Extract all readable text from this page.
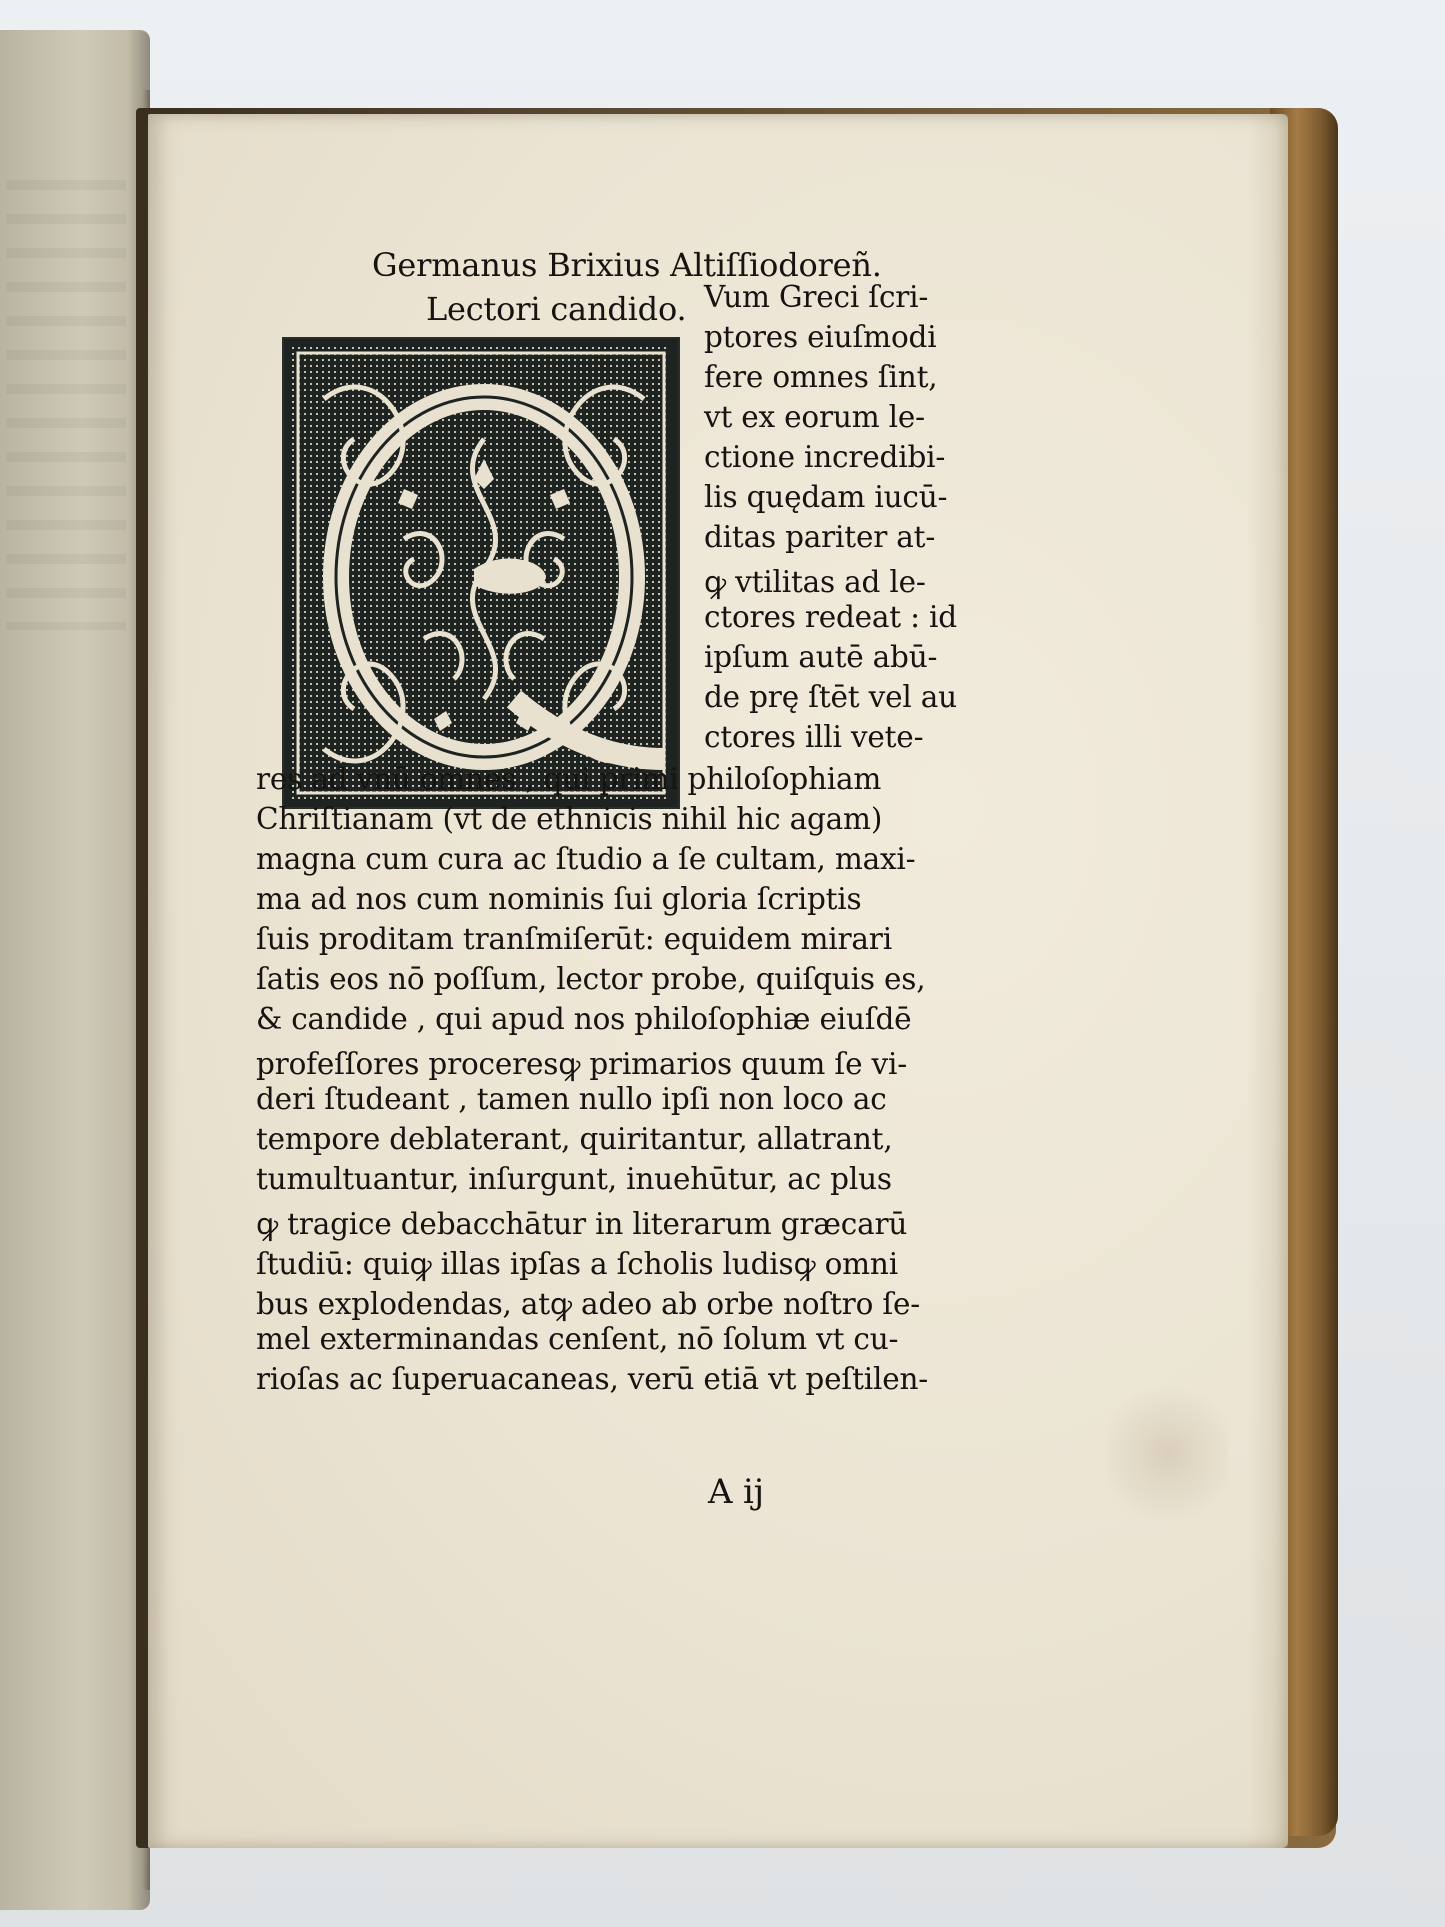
Germanus Brixius Altiſſiodoreñ.
Lectori candido. Vum Greci ſcri-
ptores eiuſmodi
fere omnes ſint,
vt ex eorum le-
ctione incredibi-
lis quędam iucū-
ditas pariter at-
ꝙ vtilitas ad le-
ctores redeat : id
ipſum autē abū-
de prę ſtēt vel au
ctores illi vete-
res ad vnū omnes , qui primi philoſophiam
Chriſtianam (vt de ethnicis nihil hic agam)
magna cum cura ac ſtudio a ſe cultam, maxi-
ma ad nos cum nominis ſui gloria ſcriptis
ſuis proditam tranſmiſerūt: equidem mirari
ſatis eos nō poſſum, lector probe, quiſquis es,
& candide , qui apud nos philoſophiæ eiuſdē
profeſſores proceresꝙ primarios quum ſe vi-
deri ſtudeant , tamen nullo ipſi non loco ac
tempore deblaterant, quiritantur, allatrant,
tumultuantur, inſurgunt, inuehūtur, ac plus
ꝙ tragice debacchātur in literarum græcarū
ſtudiū: quiꝙ illas ipſas a ſcholis ludisꝙ omni
bus explodendas, atꝙ adeo ab orbe noſtro ſe-
mel exterminandas cenſent, nō ſolum vt cu-
rioſas ac ſuperuacaneas, verū etiā vt peſtilen-
A ij
